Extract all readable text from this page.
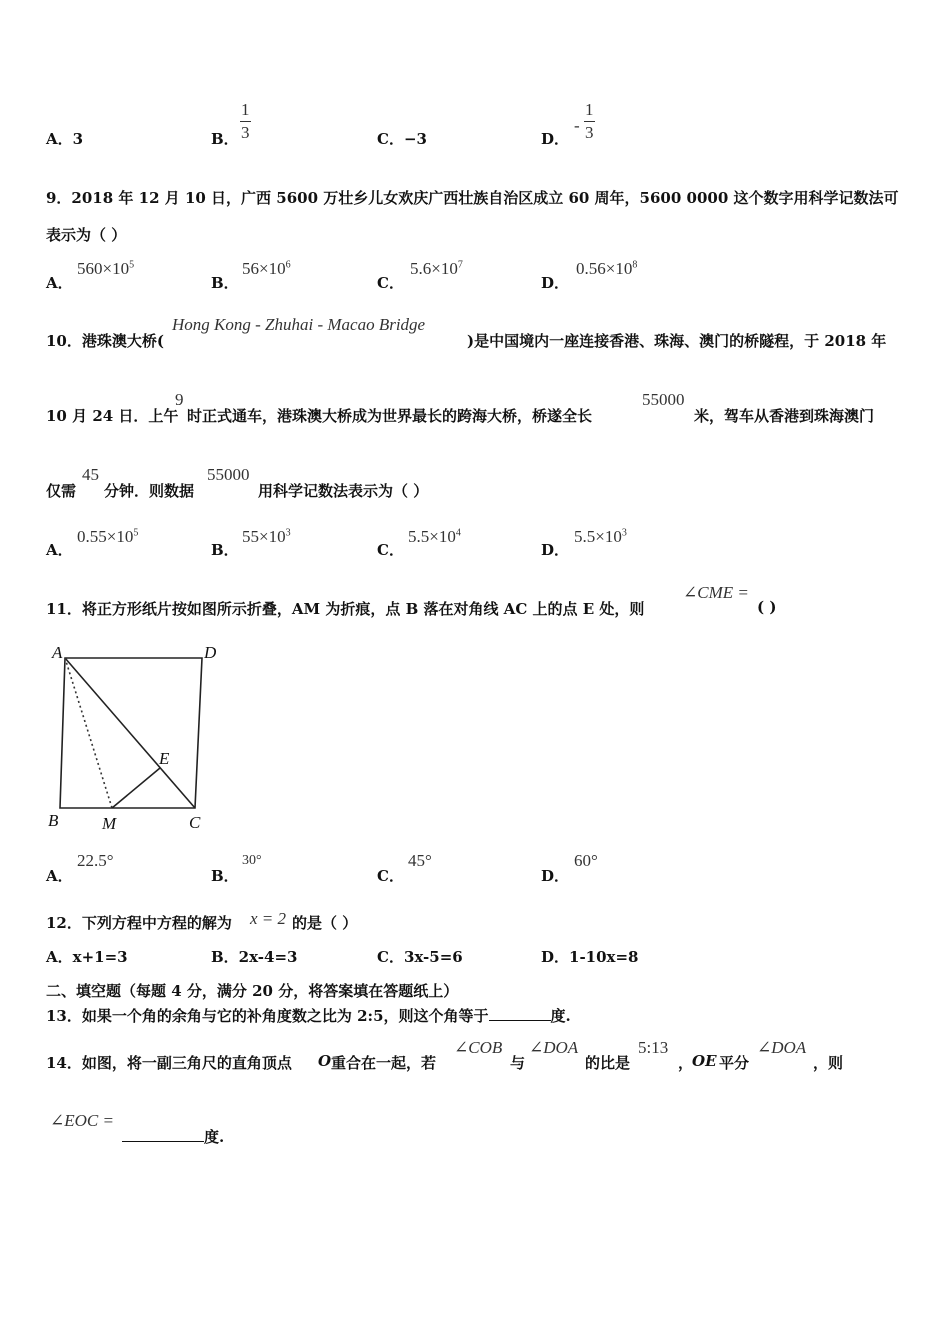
A．3	B．
1
3	C．−3	D．
-
1
3
9．2018 年 12 月 10 日，广西 5600 万壮乡儿女欢庆广西壮族自治区成立 60 周年，5600 0000 这个数字用科学记数法可
表示为（ ）
A．
$560\times 10^5$
B．
$56\times 10^6$
C．
$5.6\times 10^7$
D．
$0.56\times 10^8$
10．港珠澳大桥(
Hong Kong - Zhuhai - Macao Bridge
)是中国境内一座连接香港、珠海、澳门的桥隧程，于 2018 年
10 月 24 日．上午
9
时正式通车，港珠澳大桥成为世界最长的跨海大桥，桥遂全长
55000
米，驾车从香港到珠海澳门
仅需
45
分钟．则数据
55000
用科学记数法表示为（ ）
A．
$0.55\times 10^5$
B．
$55\times 10^3$
C．
$5.5\times 10^4$
D．
$5.5\times 10^3$
11．将正方形纸片按如图所示折叠，AM 为折痕，点 B 落在对角线 AC 上的点 E 处，则
∠CME =
( )
A	D
B	C
M
E
A．
22.5°
B．
30°
C．
45°
D．
60°
12．下列方程中方程的解为 x = 2 的是（ ）
A．x+1=3	B．2x-4=3	C．3x-5=6	D．1-10x=8
二、填空题（每题 4 分，满分 20 分，将答案填在答题纸上）
13．如果一个角的余角与它的补角度数之比为 2:5，则这个角等于	度.
14．如图，将一副三角尺的直角顶点 O 重合在一起，若
∠COB
与
∠DOA
的比是
5:13
，
OE 平分
∠DOA
，则
∠EOC =
度.
